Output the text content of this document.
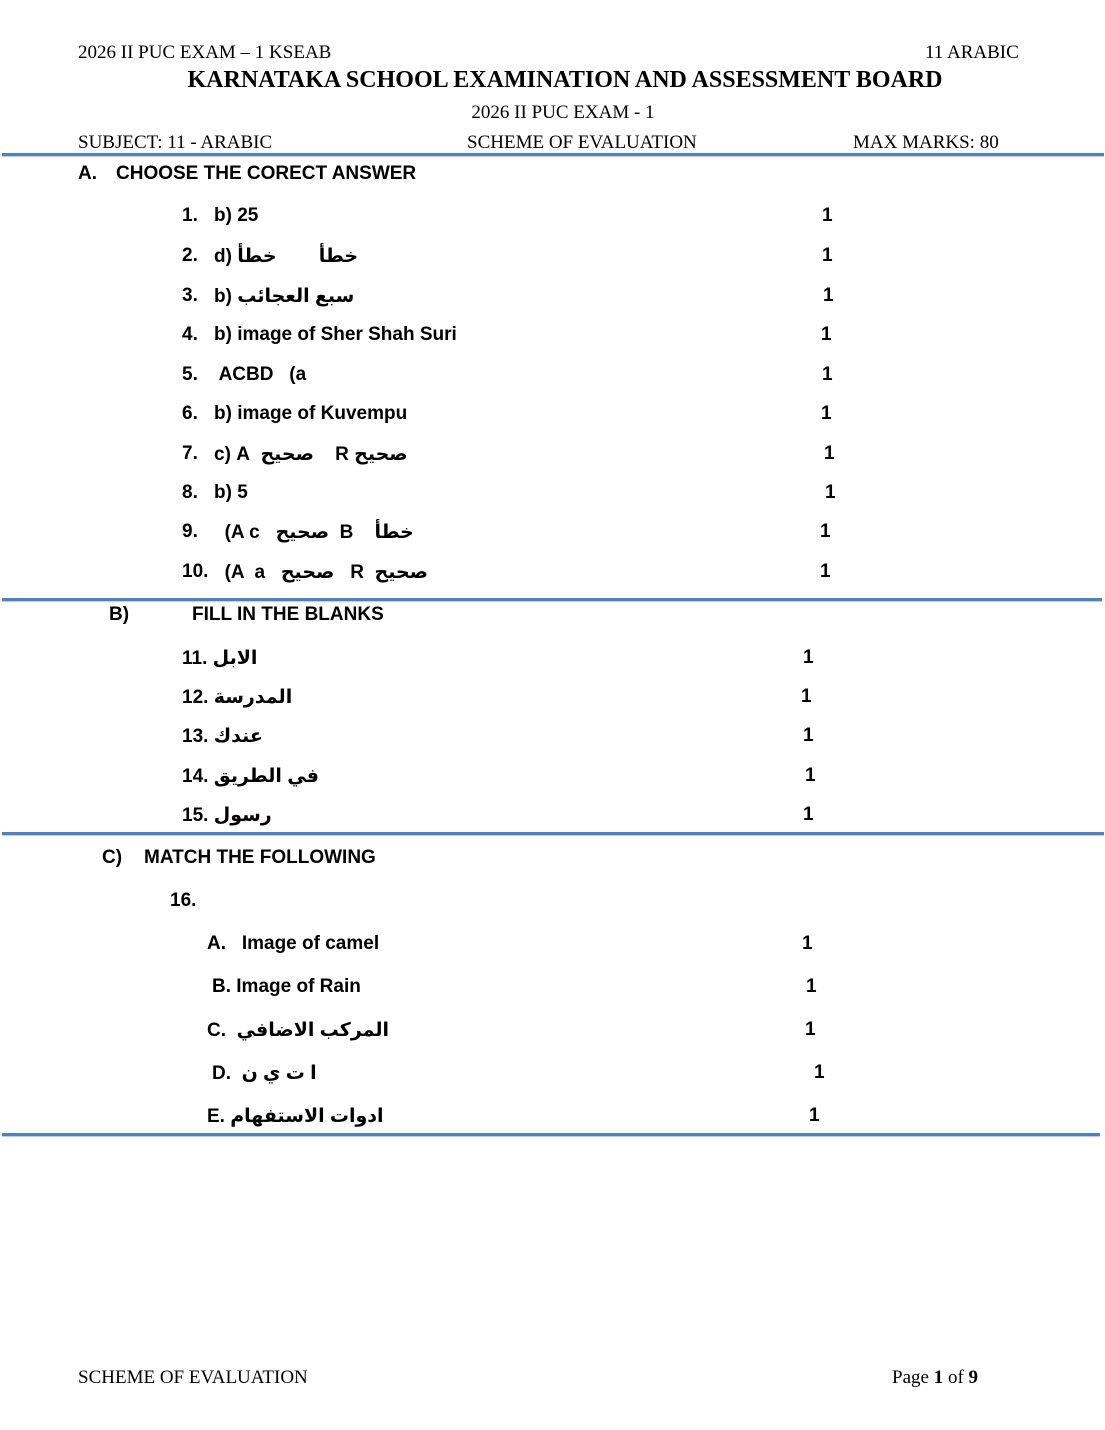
2026 II PUC EXAM – 1 KSEAB	11 ARABIC
KARNATAKA SCHOOL EXAMINATION AND ASSESSMENT BOARD
2026 II PUC EXAM - 1
SUBJECT: 11 - ARABIC	SCHEME OF EVALUATION	MAX MARKS: 80
A. CHOOSE THE CORECT ANSWER
1. b) 25	1
2. d) خطأ        خطأ	1
3. b) سبع العجائب	1
4. b) image of Sher Shah Suri	1
5. ACBD   (a	1
6. b) image of Kuvempu	1
7. c) صحيح R    صحيح  A	1
8. b) 5	1
9.	خطأ    B  صحيح   A c)	1
10. صحيح  R   صحيح   A  a)	1
B)	FILL IN THE BLANKS
11. الابل	1
12. المدرسة	1
13. عندك	1
14. في الطريق	1
15. رسول	1
C) MATCH THE FOLLOWING
16.
A.   Image of camel	1
B. Image of Rain	1
C.  المركب الاضافي	1
D.  ا ت ي ن	1
E. ادوات الاستفهام	1
SCHEME OF EVALUATION	Page 1 of 9
